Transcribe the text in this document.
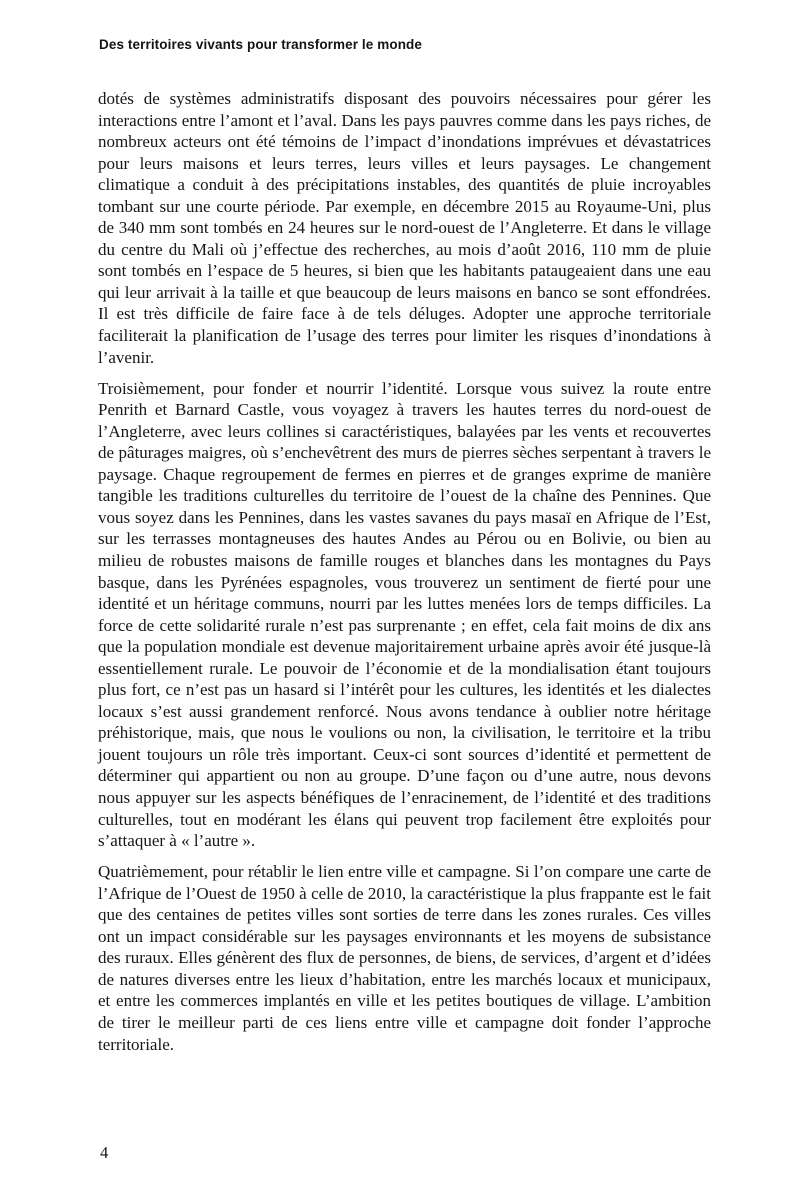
Des territoires vivants pour transformer le monde

dotés de systèmes administratifs disposant des pouvoirs nécessaires pour gérer les interactions entre l’amont et l’aval. Dans les pays pauvres comme dans les pays riches, de nombreux acteurs ont été témoins de l’impact d’inondations imprévues et dévastatrices pour leurs maisons et leurs terres, leurs villes et leurs paysages. Le changement climatique a conduit à des précipitations instables, des quantités de pluie incroyables tombant sur une courte période. Par exemple, en décembre 2015 au Royaume-Uni, plus de 340 mm sont tombés en 24 heures sur le nord-ouest de l’Angleterre. Et dans le village du centre du Mali où j’effectue des recherches, au mois d’août 2016, 110 mm de pluie sont tombés en l’espace de 5 heures, si bien que les habitants pataugeaient dans une eau qui leur arrivait à la taille et que beaucoup de leurs maisons en banco se sont effondrées. Il est très difficile de faire face à de tels déluges. Adopter une approche territoriale faciliterait la planification de l’usage des terres pour limiter les risques d’inondations à l’avenir.

Troisièmement, pour fonder et nourrir l’identité. Lorsque vous suivez la route entre Penrith et Barnard Castle, vous voyagez à travers les hautes terres du nord-ouest de l’Angleterre, avec leurs collines si caractéristiques, balayées par les vents et recouvertes de pâturages maigres, où s’enchevêtrent des murs de pierres sèches serpentant à travers le paysage. Chaque regroupement de fermes en pierres et de granges exprime de manière tangible les traditions culturelles du territoire de l’ouest de la chaîne des Pennines. Que vous soyez dans les Pennines, dans les vastes savanes du pays masaï en Afrique de l’Est, sur les terrasses montagneuses des hautes Andes au Pérou ou en Bolivie, ou bien au milieu de robustes maisons de famille rouges et blanches dans les montagnes du Pays basque, dans les Pyrénées espagnoles, vous trouverez un sentiment de fierté pour une identité et un héritage communs, nourri par les luttes menées lors de temps difficiles. La force de cette solidarité rurale n’est pas surprenante ; en effet, cela fait moins de dix ans que la population mondiale est devenue majoritairement urbaine après avoir été jusque-là essentiellement rurale. Le pouvoir de l’économie et de la mondialisation étant toujours plus fort, ce n’est pas un hasard si l’intérêt pour les cultures, les identités et les dialectes locaux s’est aussi grandement renforcé. Nous avons tendance à oublier notre héritage préhistorique, mais, que nous le voulions ou non, la civilisation, le territoire et la tribu jouent toujours un rôle très important. Ceux-ci sont sources d’identité et permettent de déterminer qui appartient ou non au groupe. D’une façon ou d’une autre, nous devons nous appuyer sur les aspects bénéfiques de l’enracinement, de l’identité et des traditions culturelles, tout en modérant les élans qui peuvent trop facilement être exploités pour s’attaquer à « l’autre ».

Quatrièmement, pour rétablir le lien entre ville et campagne. Si l’on compare une carte de l’Afrique de l’Ouest de 1950 à celle de 2010, la caractéristique la plus frappante est le fait que des centaines de petites villes sont sorties de terre dans les zones rurales. Ces villes ont un impact considérable sur les paysages environnants et les moyens de subsistance des ruraux. Elles génèrent des flux de personnes, de biens, de services, d’argent et d’idées de natures diverses entre les lieux d’habitation, entre les marchés locaux et municipaux, et entre les commerces implantés en ville et les petites boutiques de village. L’ambition de tirer le meilleur parti de ces liens entre ville et campagne doit fonder l’approche territoriale.

4
